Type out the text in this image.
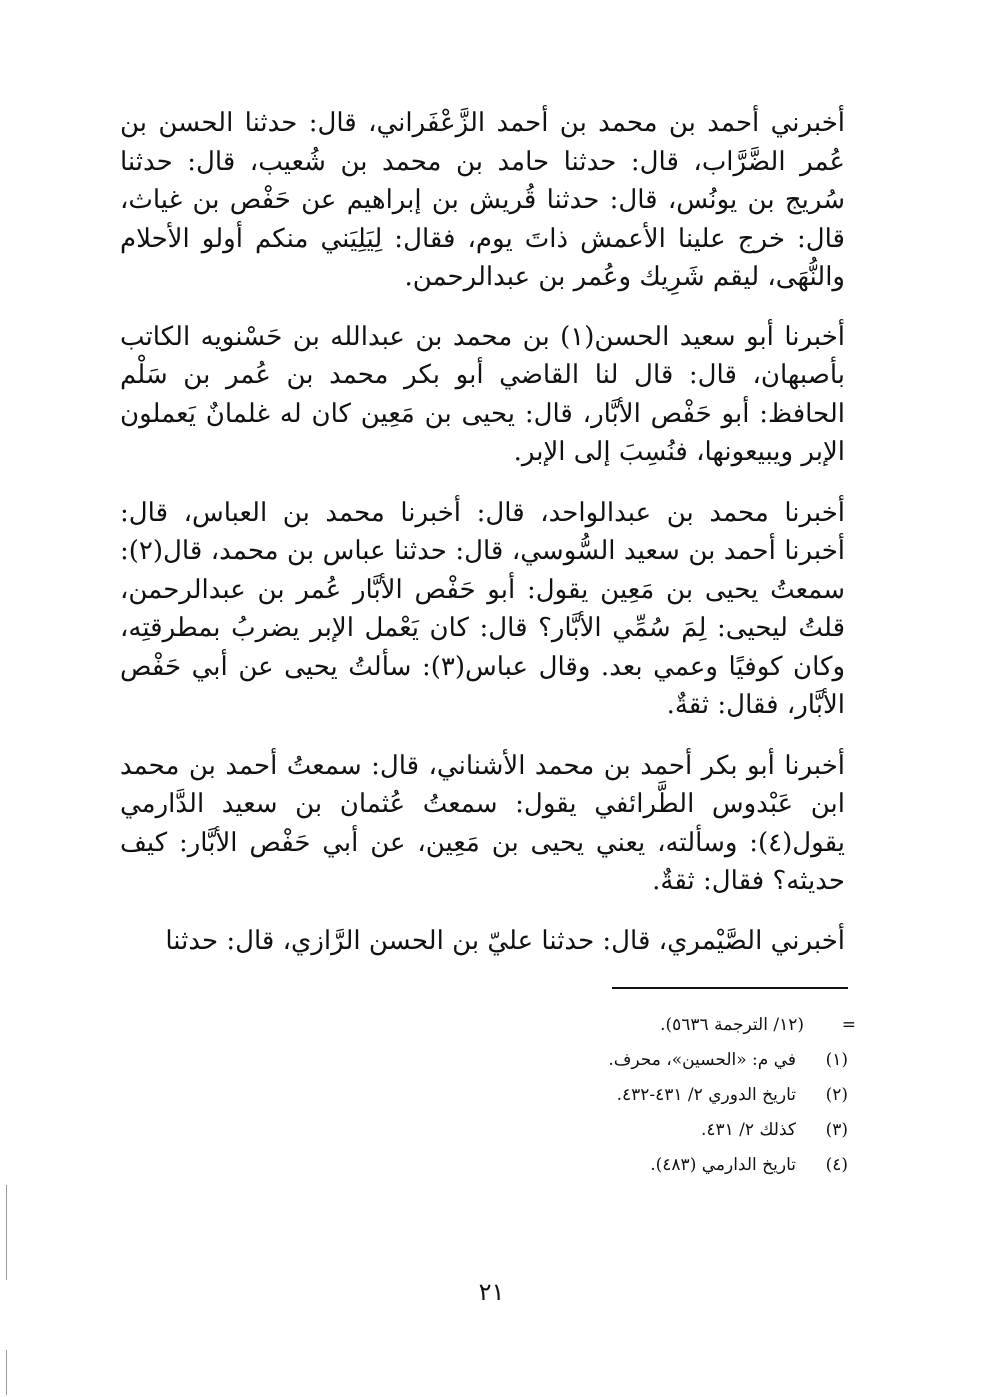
أخبرني أحمد بن محمد بن أحمد الزَّعْفَراني، قال: حدثنا الحسن بن عُمر الضَّرَّاب، قال: حدثنا حامد بن محمد بن شُعيب، قال: حدثنا سُريج بن يونُس، قال: حدثنا قُريش بن إبراهيم عن حَفْص بن غياث، قال: خرج علينا الأعمش ذاتَ يوم، فقال: لِيَلِيَني منكم أولو الأحلام والنُّهَى، ليقم شَرِيك وعُمر بن عبدالرحمن.

أخبرنا أبو سعيد الحسن(١) بن محمد بن عبدالله بن حَسْنويه الكاتب بأصبهان، قال: قال لنا القاضي أبو بكر محمد بن عُمر بن سَلْم الحافظ: أبو حَفْص الأبَّار، قال: يحيى بن مَعِين كان له غلمانٌ يَعملون الإبر ويبيعونها، فنُسِبَ إلى الإبر.

أخبرنا محمد بن عبدالواحد، قال: أخبرنا محمد بن العباس، قال: أخبرنا أحمد بن سعيد السُّوسي، قال: حدثنا عباس بن محمد، قال(٢): سمعتُ يحيى بن مَعِين يقول: أبو حَفْص الأبَّار عُمر بن عبدالرحمن، قلتُ ليحيى: لِمَ سُمِّي الأبَّار؟ قال: كان يَعْمل الإبر يضربُ بمطرقتِه، وكان كوفيًا وعمي بعد. وقال عباس(٣): سألتُ يحيى عن أبي حَفْص الأبَّار، فقال: ثقةٌ.

أخبرنا أبو بكر أحمد بن محمد الأشناني، قال: سمعتُ أحمد بن محمد ابن عَبْدوس الطَّرائفي يقول: سمعتُ عُثمان بن سعيد الدَّارمي يقول(٤): وسألته، يعني يحيى بن مَعِين، عن أبي حَفْص الأبَّار: كيف حديثه؟ فقال: ثقةٌ.

أخبرني الصَّيْمري، قال: حدثنا عليّ بن الحسن الرَّازي، قال: حدثنا

=
(١٢/ الترجمة ٥٦٣٦).
(١)
في م: «الحسين»، محرف.
(٢)
تاريخ الدوري ٢/ ٤٣١-٤٣٢.
(٣)
كذلك ٢/ ٤٣١.
(٤)
تاريخ الدارمي (٤٨٣).
٢١
